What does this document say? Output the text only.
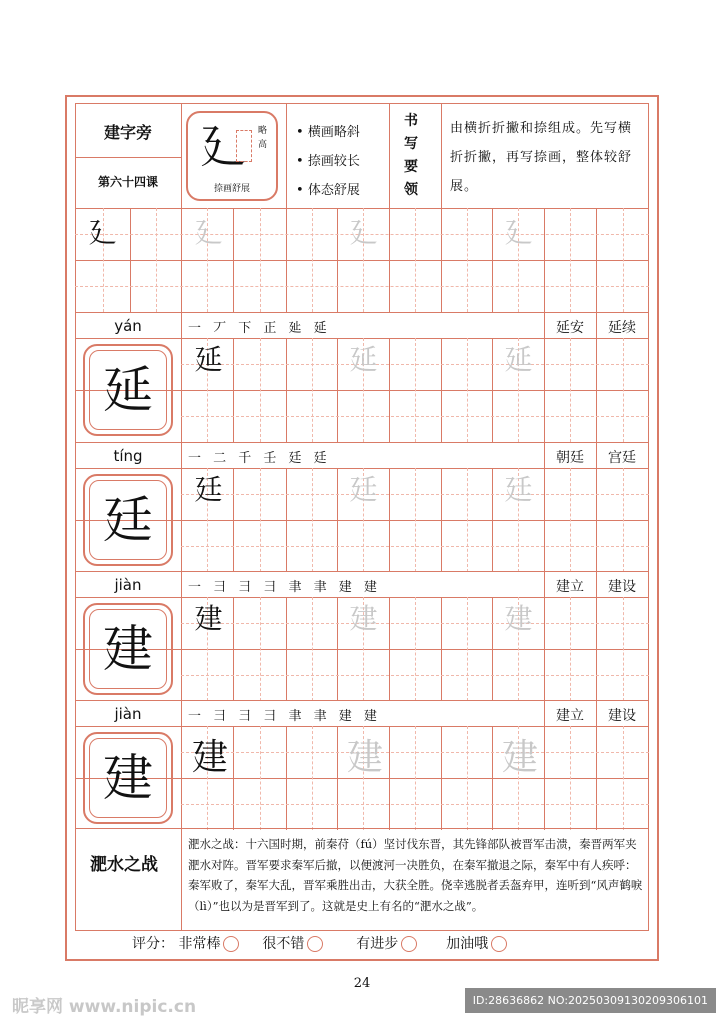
建字旁
第六十四课
廴 略高
捺画舒展
• 横画略斜
• 捺画较长
• 体态舒展
书写要领
由横折折撇和捺组成。先写横折折撇，再写捺画，整体较舒展。
廴	廴	廴	廴
yán	一 丆 下 正 㢟 延	延安	延续
延
延	延	延
tíng	一 二 千 壬 廷 廷	朝廷	宫廷
廷
廷	廷	廷
jiàn	一 ⺕ ⺕ ⺕ 聿 聿 建 建	建立	建设
建
建	建	建
jiàn	一 ⺕ ⺕ ⺕ 聿 聿 建 建	建立	建设
建	建	建	建
淝水之战
淝水之战：十六国时期，前秦苻（fú）坚讨伐东晋，其先锋部队被晋军击溃，秦晋两军夹淝水对阵。晋军要求秦军后撤，以便渡河一决胜负，在秦军撤退之际，秦军中有人疾呼：秦军败了，秦军大乱，晋军乘胜出击，大获全胜。侥幸逃脱者丢盔弃甲，连听到“风声鹤唳（lì）”也以为是晋军到了。这就是史上有名的“淝水之战”。
评分： 非常棒	很不错	有进步	加油哦
24
昵享网 www.nipic.cn	ID:28636862 NO:20250309130209306101
